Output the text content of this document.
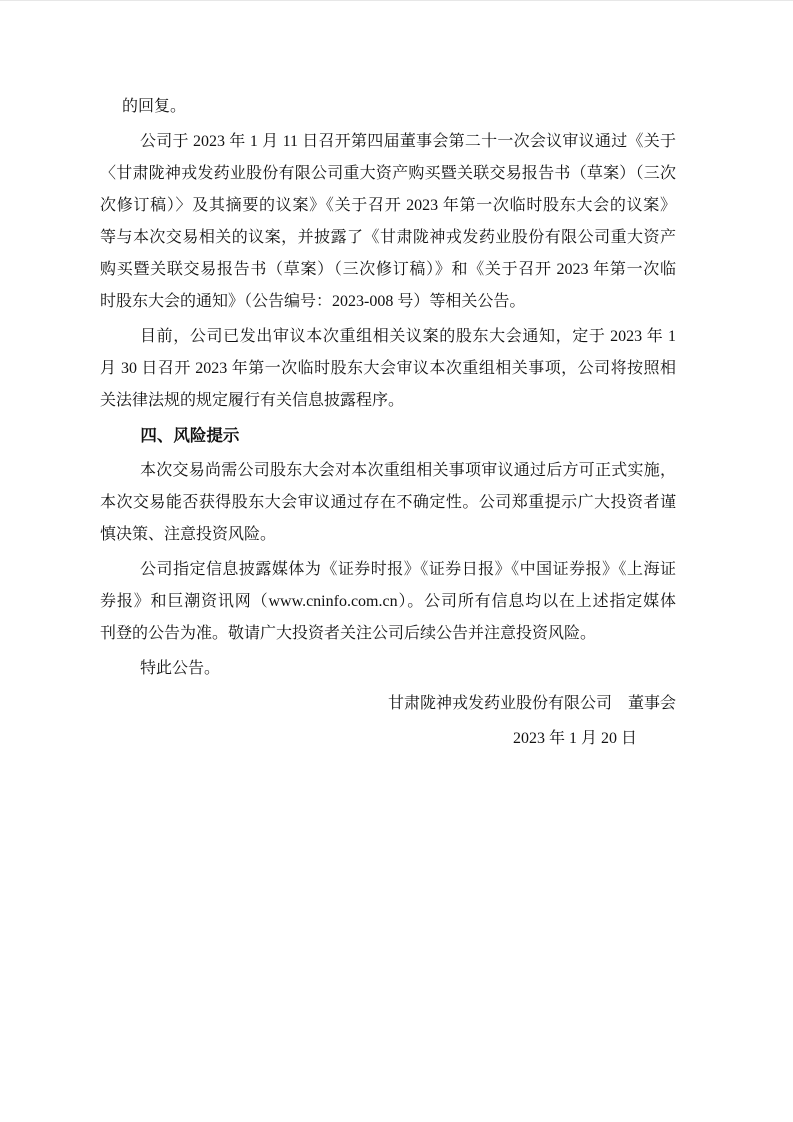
的回复。
公司于 2023 年 1 月 11 日召开第四届董事会第二十一次会议审议通过《关于
〈甘肃陇神戎发药业股份有限公司重大资产购买暨关联交易报告书（草案）（三次
次修订稿）〉及其摘要的议案》《关于召开 2023 年第一次临时股东大会的议案》
等与本次交易相关的议案，并披露了《甘肃陇神戎发药业股份有限公司重大资产
购买暨关联交易报告书（草案）（三次修订稿）》和《关于召开 2023 年第一次临
时股东大会的通知》（公告编号：2023-008 号）等相关公告。
目前，公司已发出审议本次重组相关议案的股东大会通知，定于 2023 年 1
月 30 日召开 2023 年第一次临时股东大会审议本次重组相关事项，公司将按照相
关法律法规的规定履行有关信息披露程序。
四、风险提示
本次交易尚需公司股东大会对本次重组相关事项审议通过后方可正式实施，
本次交易能否获得股东大会审议通过存在不确定性。公司郑重提示广大投资者谨
慎决策、注意投资风险。
公司指定信息披露媒体为《证券时报》《证券日报》《中国证券报》《上海证
券报》和巨潮资讯网（www.cninfo.com.cn）。公司所有信息均以在上述指定媒体
刊登的公告为准。敬请广大投资者关注公司后续公告并注意投资风险。
特此公告。
甘肃陇神戎发药业股份有限公司　董事会
2023 年 1 月 20 日
